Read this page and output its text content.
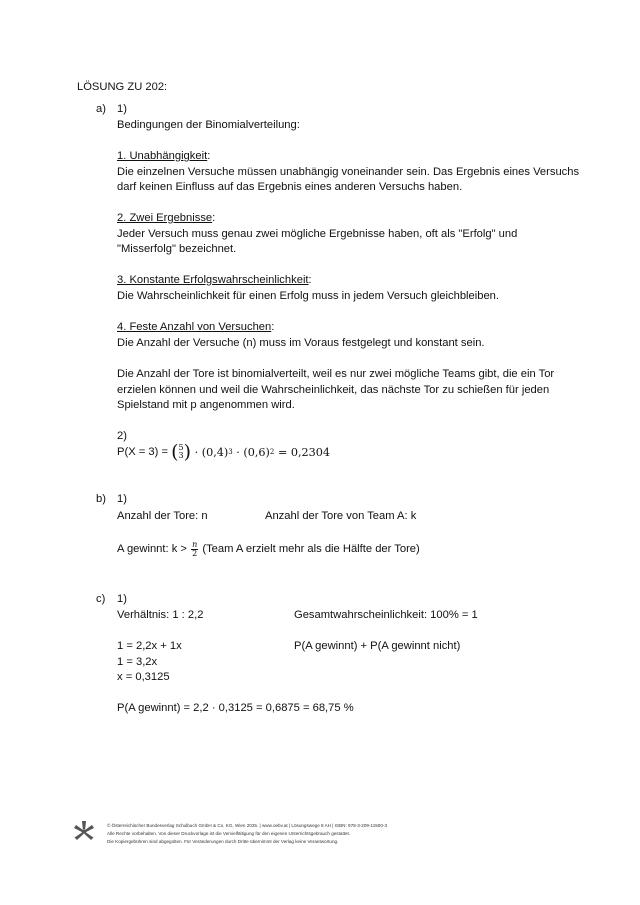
LÖSUNG ZU 202:
a) 1)
Bedingungen der Binomialverteilung:
1. Unabhängigkeit:
Die einzelnen Versuche müssen unabhängig voneinander sein. Das Ergebnis eines Versuchs
darf keinen Einfluss auf das Ergebnis eines anderen Versuchs haben.
2. Zwei Ergebnisse:
Jeder Versuch muss genau zwei mögliche Ergebnisse haben, oft als "Erfolg" und
"Misserfolg" bezeichnet.
3. Konstante Erfolgswahrscheinlichkeit:
Die Wahrscheinlichkeit für einen Erfolg muss in jedem Versuch gleichbleiben.
4. Feste Anzahl von Versuchen:
Die Anzahl der Versuche (n) muss im Voraus festgelegt und konstant sein.
Die Anzahl der Tore ist binomialverteilt, weil es nur zwei mögliche Teams gibt, die ein Tor
erzielen können und weil die Wahrscheinlichkeit, das nächste Tor zu schießen für jeden
Spielstand mit p angenommen wird.
2)
P(X = 3) = ( 5
3 ) · (0,4) 3 · (0,6) 2 = 0,2304
b) 1)
Anzahl der Tore: n	Anzahl der Tore von Team A: k
A gewinnt: $k > \frac{n}{2}$ (Team A erzielt mehr als die Hälfte der Tore)
c) 1)
Verhältnis: 1 : 2,2	Gesamtwahrscheinlichkeit: 100% = 1
1 = 2,2x + 1x	P(A gewinnt) + P(A gewinnt nicht)
1 = 3,2x
x = 0,3125
P(A gewinnt) = 2,2 · 0,3125 = 0,6875 = 68,75 %
© Österreichischer Bundesverlag Schulbuch GmbH & Co. KG, Wien 2025. | www.oebv.at | Lösungswege 8 AH | ISBN: 978-3-209-11500-3
Alle Rechte vorbehalten. Von dieser Druckvorlage ist die Vervielfältigung für den eigenen Unterrichtsgebrauch gestattet.
Die Kopiergebühren sind abgegolten. Für Veränderungen durch Dritte übernimmt der Verlag keine Verantwortung.
